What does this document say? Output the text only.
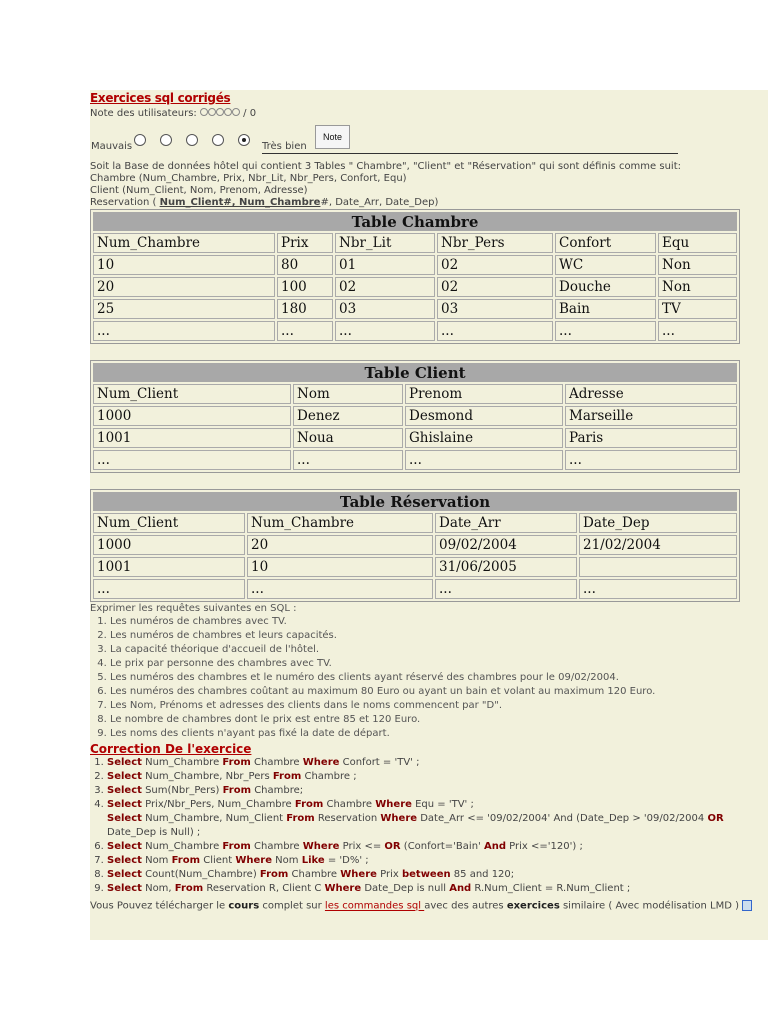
Exercices sql corrigés
Note des utilisateurs:	/ 0
Mauvais	Très bien
Note
Soit la Base de données hôtel qui contient 3 Tables " Chambre", "Client" et "Réservation" qui sont définis comme suit:
Chambre (Num_Chambre, Prix, Nbr_Lit, Nbr_Pers, Confort, Equ)
Client (Num_Client, Nom, Prenom, Adresse)
Reservation ( Num_Client#, Num_Chambre#, Date_Arr, Date_Dep)
Table Chambre					
Num_Chambre	Prix	Nbr_Lit	Nbr_Pers	Confort	Equ
10	80	01	02	WC	Non
20	100	02	02	Douche	Non
25	180	03	03	Bain	TV
...	...	...	...	...	...
Table Client			
Num_Client	Nom	Prenom	Adresse
1000	Denez	Desmond	Marseille
1001	Noua	Ghislaine	Paris
...	...	...	...
Table Réservation			
Num_Client	Num_Chambre	Date_Arr	Date_Dep
1000	20	09/02/2004	21/02/2004
1001	10	31/06/2005	
...	...	...	...
Exprimer les requêtes suivantes en SQL :
1. Les numéros de chambres avec TV.
2. Les numéros de chambres et leurs capacités.
3. La capacité théorique d'accueil de l'hôtel.
4. Le prix par personne des chambres avec TV.
5. Les numéros des chambres et le numéro des clients ayant réservé des chambres pour le 09/02/2004.
6. Les numéros des chambres coûtant au maximum 80 Euro ou ayant un bain et volant au maximum 120 Euro.
7. Les Nom, Prénoms et adresses des clients dans le noms commencent par "D".
8. Le nombre de chambres dont le prix est entre 85 et 120 Euro.
9. Les noms des clients n'ayant pas fixé la date de départ.
Correction De l'exercice
1. Select Num_Chambre From Chambre Where Confort = 'TV' ;
2. Select Num_Chambre, Nbr_Pers From Chambre ;
3. Select Sum(Nbr_Pers) From Chambre;
4. Select Prix/Nbr_Pers, Num_Chambre From Chambre Where Equ = 'TV' ;
5. Select Num_Chambre, Num_Client From Reservation Where Date_Arr <= '09/02/2004' And (Date_Dep > '09/02/2004 OR Date_Dep is Null) ;
6. Select Num_Chambre From Chambre Where Prix <= OR (Confort='Bain' And Prix <='120') ;
7. Select Nom From Client Where Nom Like = 'D%' ;
8. Select Count(Num_Chambre) From Chambre Where Prix between 85 and 120;
9. Select Nom, From Reservation R, Client C Where Date_Dep is null And R.Num_Client = R.Num_Client ;
Vous Pouvez télécharger le cours complet sur les commandes sql avec des autres exercices similaire ( Avec modélisation LMD )
